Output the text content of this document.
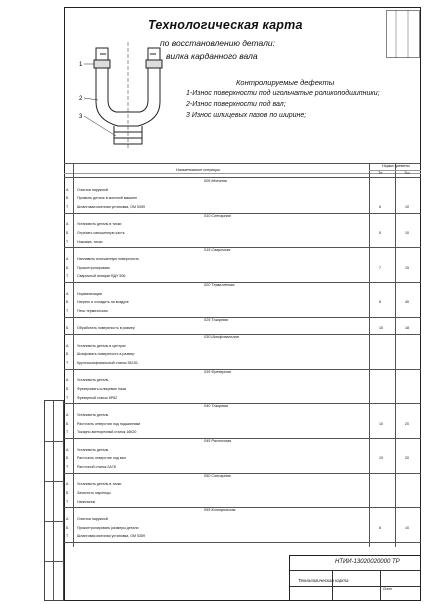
Технологическая карта
по восстановлению детали:
вилка карданного вала
1
2
3
Контролируемые дефекты
1-Износ поверхности под игольчатые роликоподшипники;
2-Износ поверхности под вал;
3 Износ шлицевых пазов по ширине;
Наименование операции
Норма времени
Тп	Тш
005 Моечная
А Очистка наружной
Б Промыть деталь в моечной машине
Т Шланговая моечная установка, ОМ 5359	6	10
010 Слесарная
А Установить деталь в тиски
Б Отрезать изношенную часть	5	10
Т Ножовка, тиски
015 Сварочная
А Наплавить изношенную поверхность
Б Проконтролировать	7	15
Т Сварочный аппарат ВДУ 506
020 Термическая
А Нормализация
Б Нагреть и охладить на воздухе	8	40
Т Печь термическая
025 Токарная
Б Обработать поверхность в размер	15	18
030 Шлифовальная
А Установить деталь в центрах
Б Шлифовать поверхность в размер
Т Круглошлифовальный станок 3Б151
035 Фрезерная
А Установить деталь
Б Фрезеровать шлицевые пазы
Т Фрезерный станок 6Р82
040 Токарная
А Установить деталь
Б Расточить отверстия под подшипники	10	20
Т Токарно-винторезный станок 16К20
045 Расточная
А Установить деталь
Б Расточить отверстие под вал	10	20
Т Расточной станок 2А78
050 Слесарная
А Установить деталь в тиски
Б Зачистить заусенцы
Т Напильник
055 Контрольная
А Очистка наружной
Б Проконтролировать размеры детали	6	10
Т Шланговая моечная установка, ОМ 5359
НТИИ-13020020000 ТР
Технологическая карта
Лист
